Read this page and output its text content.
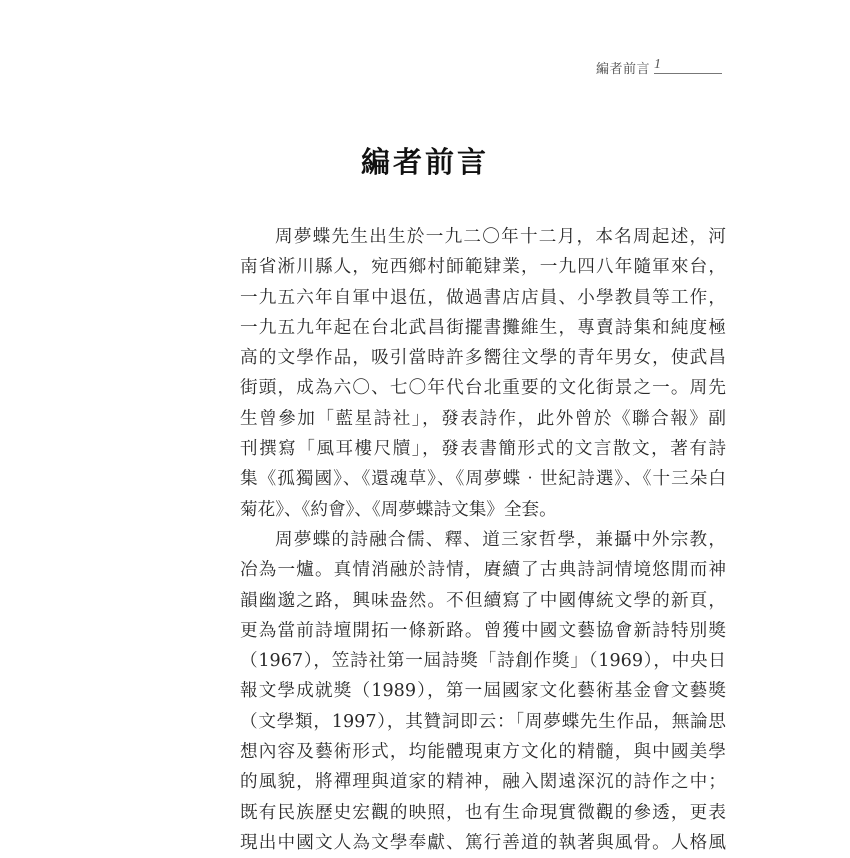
編者前言 1
編者前言
周夢蝶先生出生於一九二〇年十二月，本名周起述，河
南省淅川縣人，宛西鄉村師範肄業，一九四八年隨軍來台，
一九五六年自軍中退伍，做過書店店員、小學教員等工作，
一九五九年起在台北武昌街擺書攤維生，專賣詩集和純度極
高的文學作品，吸引當時許多嚮往文學的青年男女，使武昌
街頭，成為六〇、七〇年代台北重要的文化街景之一。周先
生曾參加「藍星詩社」，發表詩作，此外曾於《聯合報》副
刊撰寫「風耳樓尺牘」，發表書簡形式的文言散文，著有詩
集《孤獨國》、《還魂草》、《周夢蝶‧世紀詩選》、《十三朵白
菊花》、《約會》、《周夢蝶詩文集》全套。
周夢蝶的詩融合儒、釋、道三家哲學，兼攝中外宗教，
冶為一爐。真情消融於詩情，賡續了古典詩詞情境悠閒而神
韻幽邈之路，興味盎然。不但續寫了中國傳統文學的新頁，
更為當前詩壇開拓一條新路。曾獲中國文藝協會新詩特別獎
（1967），笠詩社第一屆詩獎「詩創作獎」（1969），中央日
報文學成就獎（1989），第一屆國家文化藝術基金會文藝獎
（文學類，1997），其贊詞即云：「周夢蝶先生作品，無論思
想內容及藝術形式，均能體現東方文化的精髓，與中國美學
的風貌，將禪理與道家的精神，融入閎遠深沉的詩作之中；
既有民族歷史宏觀的映照，也有生命現實微觀的參透，更表
現出中國文人為文學奉獻、篤行善道的執著與風骨。人格風
